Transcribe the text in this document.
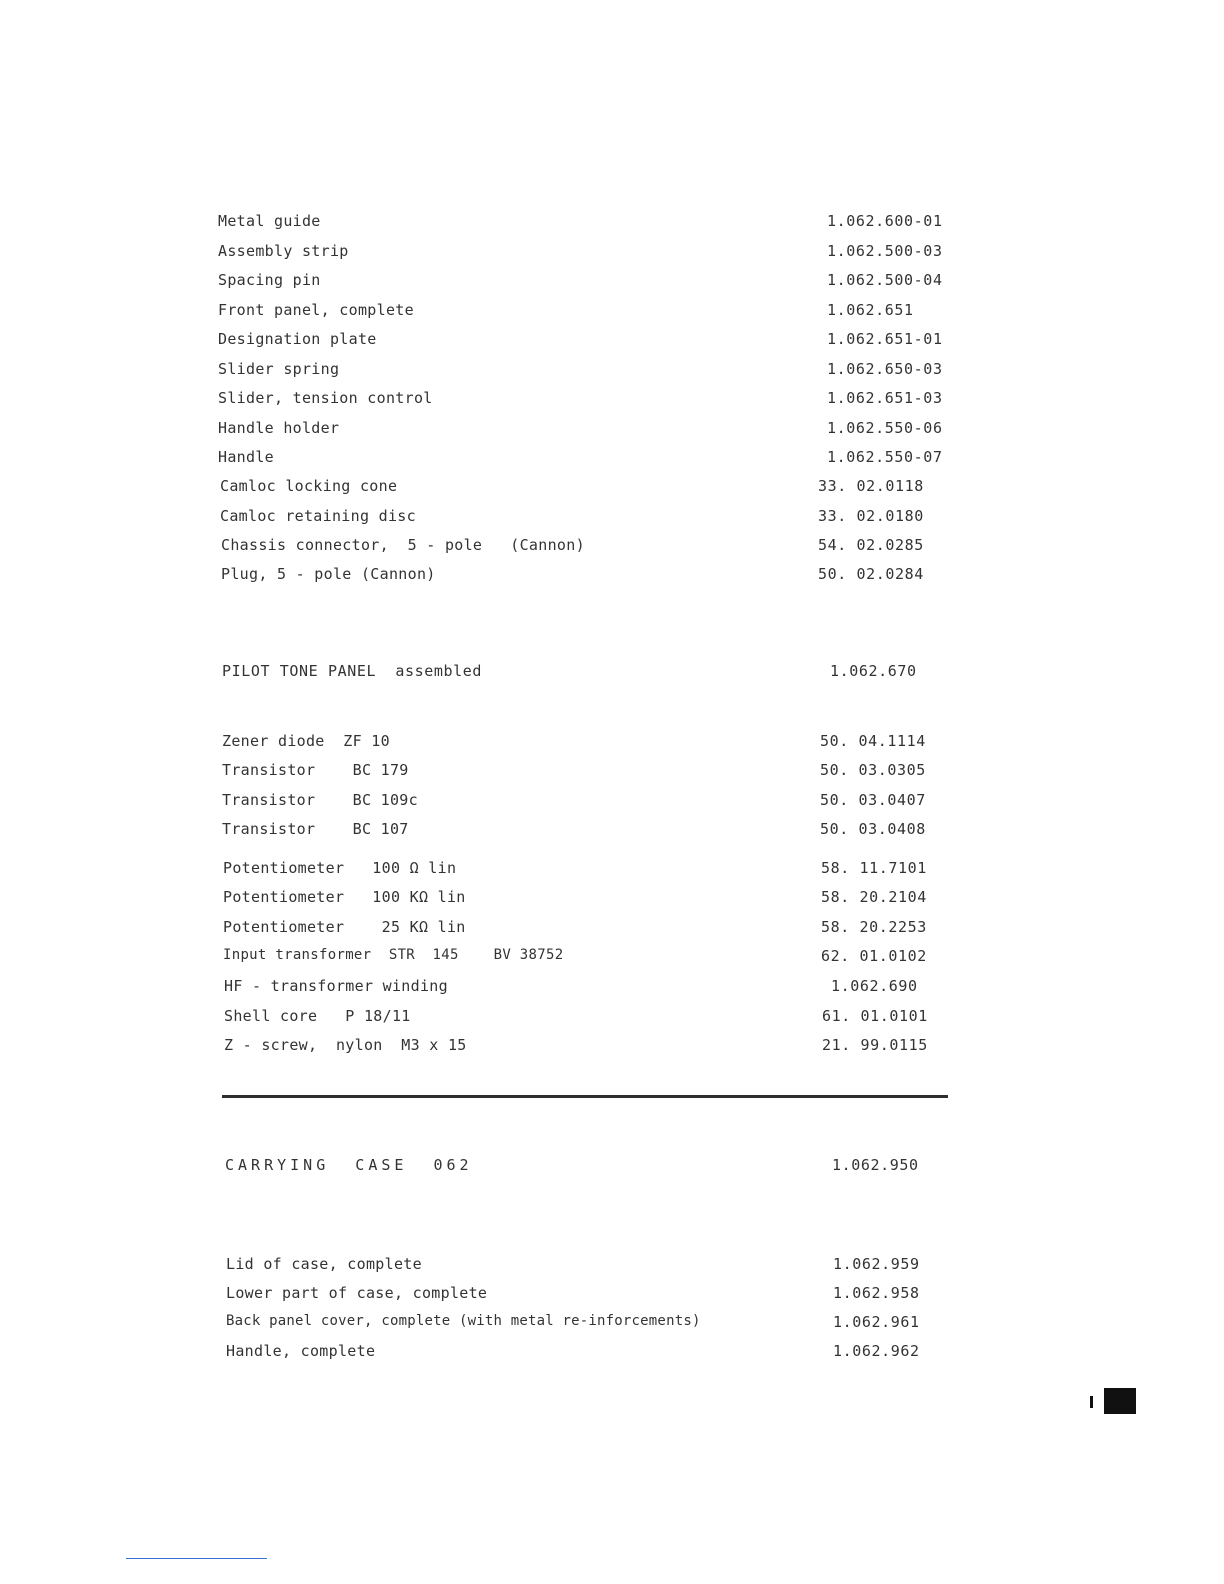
Metal guide	1.062.600-01
Assembly strip	1.062.500-03
Spacing pin	1.062.500-04
Front panel, complete	1.062.651
Designation plate	1.062.651-01
Slider spring	1.062.650-03
Slider, tension control	1.062.651-03
Handle holder	1.062.550-06
Handle	1.062.550-07
Camloc locking cone	33. 02.0118
Camloc retaining disc	33. 02.0180
Chassis connector,  5 - pole   (Cannon)	54. 02.0285
Plug, 5 - pole (Cannon)	50. 02.0284
PILOT TONE PANEL  assembled	1.062.670
Zener diode  ZF 10	50. 04.1114
Transistor    BC 179	50. 03.0305
Transistor    BC 109c	50. 03.0407
Transistor    BC 107	50. 03.0408
Potentiometer   100 Ω lin	58. 11.7101
Potentiometer   100 KΩ lin	58. 20.2104
Potentiometer    25 KΩ lin	58. 20.2253
Input transformer  STR  145    BV 38752	62. 01.0102
HF - transformer winding	1.062.690
Shell core   P 18/11	61. 01.0101
Z - screw,  nylon  M3 x 15	21. 99.0115
CARRYING  CASE  062	1.062.950
Lid of case, complete	1.062.959
Lower part of case, complete	1.062.958
Back panel cover, complete (with metal re-inforcements)	1.062.961
Handle, complete	1.062.962
